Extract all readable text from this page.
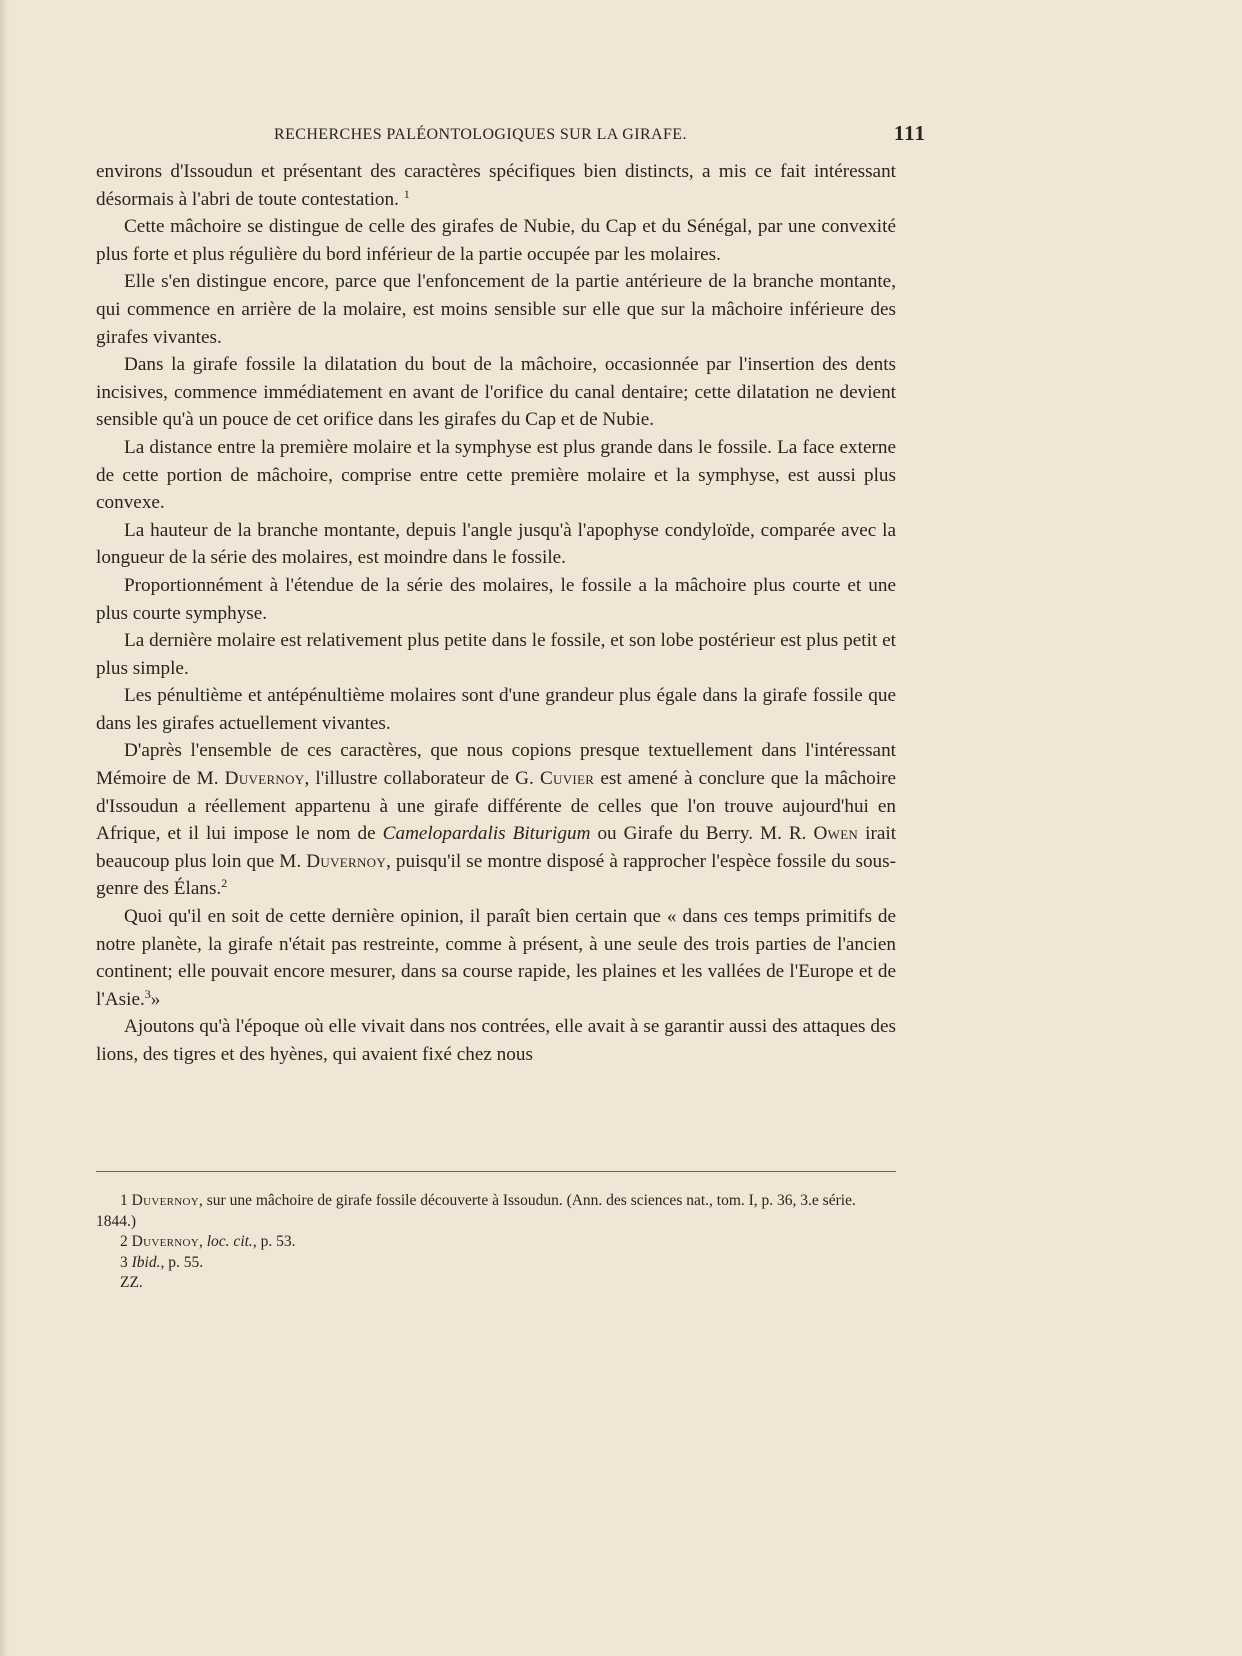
RECHERCHES PALÉONTOLOGIQUES SUR LA GIRAFE.	111

environs d'Issoudun et présentant des caractères spécifiques bien distincts, a mis ce fait intéressant désormais à l'abri de toute contestation. $^1$

Cette mâchoire se distingue de celle des girafes de Nubie, du Cap et du Sénégal, par une convexité plus forte et plus régulière du bord inférieur de la partie occupée par les molaires.

Elle s'en distingue encore, parce que l'enfoncement de la partie antérieure de la branche montante, qui commence en arrière de la molaire, est moins sensible sur elle que sur la mâchoire inférieure des girafes vivantes.

Dans la girafe fossile la dilatation du bout de la mâchoire, occasionnée par l'insertion des dents incisives, commence immédiatement en avant de l'orifice du canal dentaire; cette dilatation ne devient sensible qu'à un pouce de cet orifice dans les girafes du Cap et de Nubie.

La distance entre la première molaire et la symphyse est plus grande dans le fossile. La face externe de cette portion de mâchoire, comprise entre cette première molaire et la symphyse, est aussi plus convexe.

La hauteur de la branche montante, depuis l'angle jusqu'à l'apophyse condyloïde, comparée avec la longueur de la série des molaires, est moindre dans le fossile.

Proportionnément à l'étendue de la série des molaires, le fossile a la mâchoire plus courte et une plus courte symphyse.

La dernière molaire est relativement plus petite dans le fossile, et son lobe postérieur est plus petit et plus simple.

Les pénultième et antépénultième molaires sont d'une grandeur plus égale dans la girafe fossile que dans les girafes actuellement vivantes.

D'après l'ensemble de ces caractères, que nous copions presque textuellement dans l'intéressant Mémoire de M. Duvernoy, l'illustre collaborateur de G. Cuvier est amené à conclure que la mâchoire d'Issoudun a réellement appartenu à une girafe différente de celles que l'on trouve aujourd'hui en Afrique, et il lui impose le nom de Camelopardalis Biturigum ou Girafe du Berry. M. R. Owen irait beaucoup plus loin que M. Duvernoy, puisqu'il se montre disposé à rapprocher l'espèce fossile du sous-genre des Élans.$^2$

Quoi qu'il en soit de cette dernière opinion, il paraît bien certain que « dans ces temps primitifs de notre planète, la girafe n'était pas restreinte, comme à présent, à une seule des trois parties de l'ancien continent; elle pouvait encore mesurer, dans sa course rapide, les plaines et les vallées de l'Europe et de l'Asie.$^3$»

Ajoutons qu'à l'époque où elle vivait dans nos contrées, elle avait à se garantir aussi des attaques des lions, des tigres et des hyènes, qui avaient fixé chez nous

1 Duvernoy, sur une mâchoire de girafe fossile découverte à Issoudun. (Ann. des sciences nat., tom. I, p. 36, 3.e série. 1844.)

2 Duvernoy, loc. cit., p. 53.

3 Ibid., p. 55.

ZZ.
